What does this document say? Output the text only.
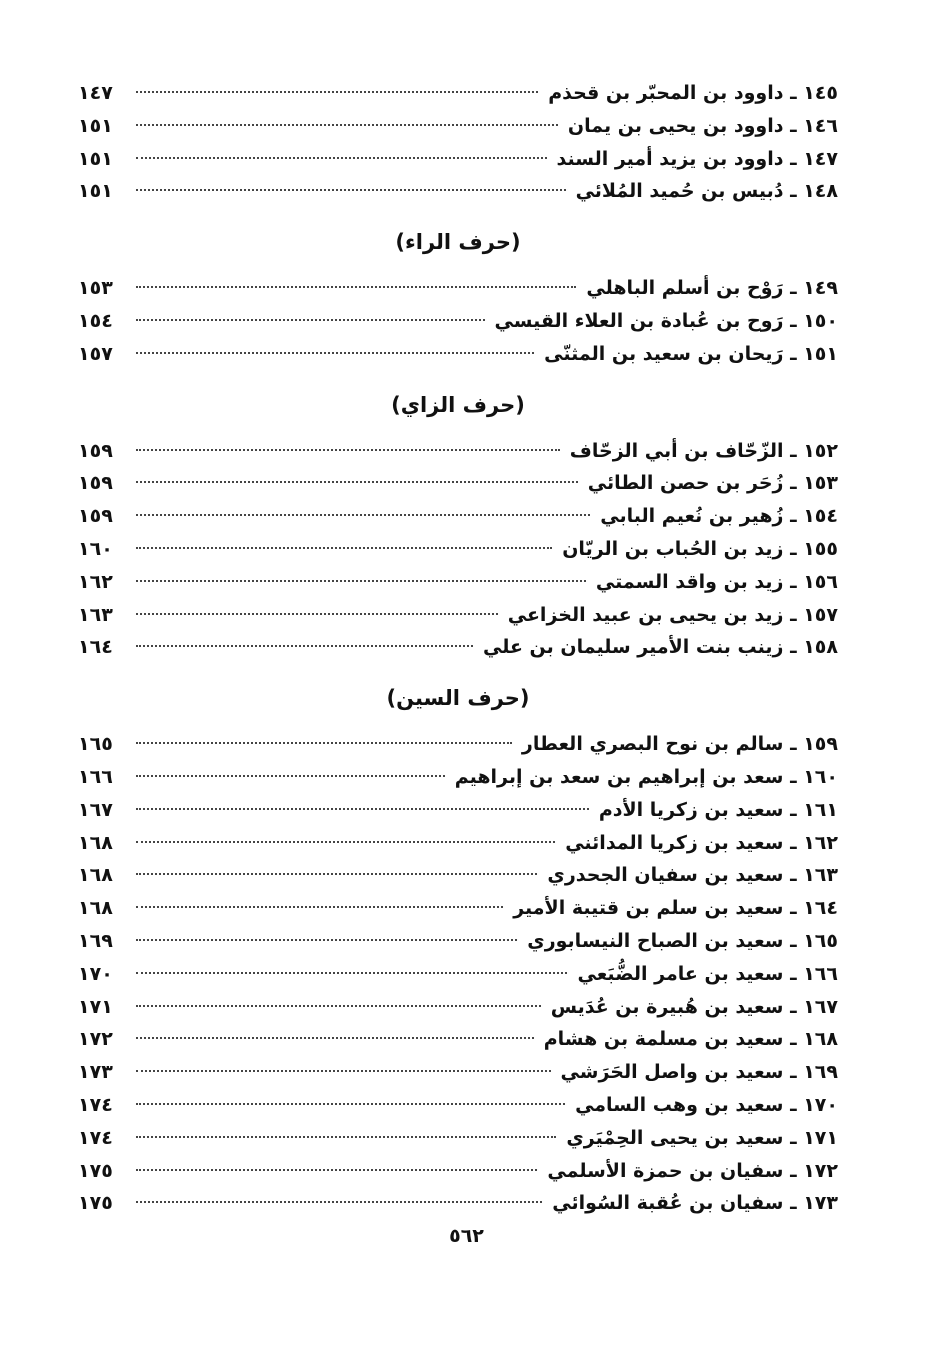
١٤٥ ـ داوود بن المحبّر بن قحذم
١٤٧
١٤٦ ـ داوود بن يحيى بن يمان
١٥١
١٤٧ ـ داوود بن يزيد أمير السند
١٥١
١٤٨ ـ دُبيس بن حُميد المُلائي
١٥١
(حرف الراء)
١٤٩ ـ رَوْح بن أسلم الباهلي
١٥٣
١٥٠ ـ رَوح بن عُبادة بن العلاء القيسي
١٥٤
١٥١ ـ رَيحان بن سعيد بن المثنّى
١٥٧
(حرف الزاي)
١٥٢ ـ الزّحّاف بن أبي الزحّاف
١٥٩
١٥٣ ـ زُحَر بن حصن الطائي
١٥٩
١٥٤ ـ زُهير بن نُعيم البابي
١٥٩
١٥٥ ـ زيد بن الحُباب بن الريّان
١٦٠
١٥٦ ـ زيد بن واقد السمتي
١٦٢
١٥٧ ـ زيد بن يحيى بن عبيد الخزاعي
١٦٣
١٥٨ ـ زينب بنت الأمير سليمان بن علي
١٦٤
(حرف السين)
١٥٩ ـ سالم بن نوح البصري العطار
١٦٥
١٦٠ ـ سعد بن إبراهيم بن سعد بن إبراهيم
١٦٦
١٦١ ـ سعيد بن زكريا الأدم
١٦٧
١٦٢ ـ سعيد بن زكريا المدائني
١٦٨
١٦٣ ـ سعيد بن سفيان الجحدري
١٦٨
١٦٤ ـ سعيد بن سلم بن قتيبة الأمير
١٦٨
١٦٥ ـ سعيد بن الصباح النيسابوري
١٦٩
١٦٦ ـ سعيد بن عامر الضُّبَعي
١٧٠
١٦٧ ـ سعيد بن هُبيرة بن عُدَيس
١٧١
١٦٨ ـ سعيد بن مسلمة بن هشام
١٧٢
١٦٩ ـ سعيد بن واصل الحَرَشي
١٧٣
١٧٠ ـ سعيد بن وهب السامي
١٧٤
١٧١ ـ سعيد بن يحيى الحِمْيَري
١٧٤
١٧٢ ـ سفيان بن حمزة الأسلمي
١٧٥
١٧٣ ـ سفيان بن عُقبة السُوائي
١٧٥
٥٦٢
